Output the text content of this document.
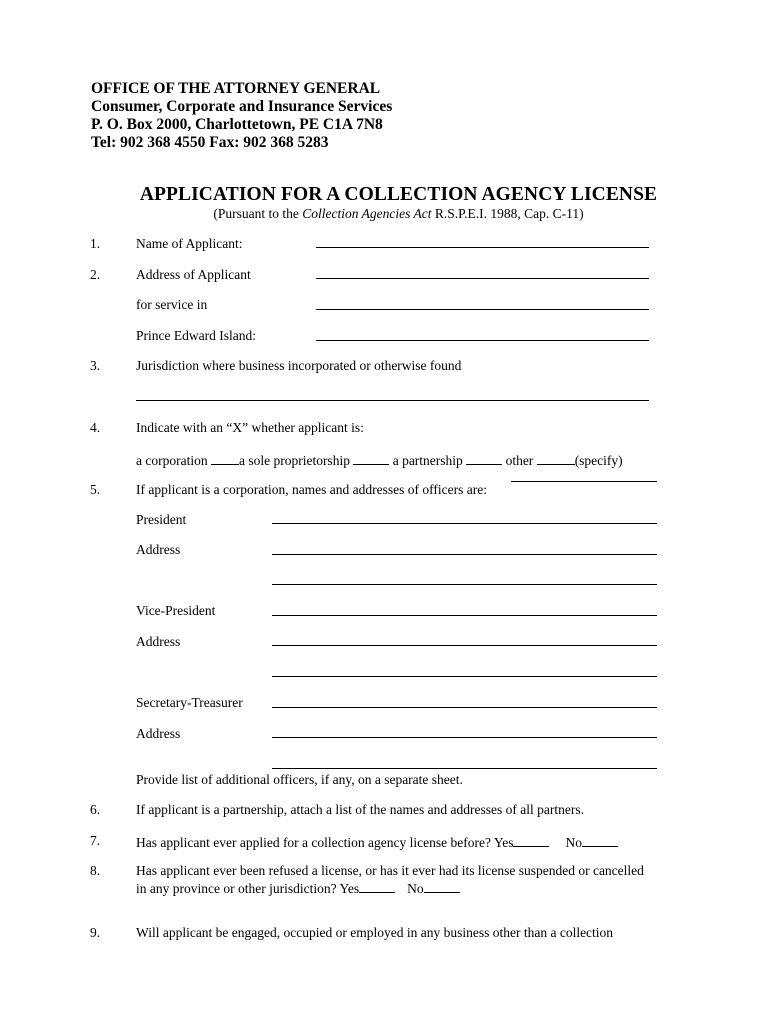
OFFICE OF THE ATTORNEY GENERAL
Consumer, Corporate and Insurance Services
P. O. Box 2000, Charlottetown, PE C1A 7N8
Tel: 902 368 4550 Fax: 902 368 5283
APPLICATION FOR A COLLECTION AGENCY LICENSE
(Pursuant to the Collection Agencies Act R.S.P.E.I. 1988, Cap. C-11)
1.	Name of Applicant:
2.	Address of Applicant
for service in
Prince Edward Island:
3.	Jurisdiction where business incorporated or otherwise found
4.	Indicate with an “X” whether applicant is:
a corporation a sole proprietorship	a partnership	other	(specify)
5.	If applicant is a corporation, names and addresses of officers are:
President
Address
Vice-President
Address
Secretary-Treasurer
Address
Provide list of additional officers, if any, on a separate sheet.
6.	If applicant is a partnership, attach a list of the names and addresses of all partners.
7.	Has applicant ever applied for a collection agency license before? Yes	No
8.	Has applicant ever been refused a license, or has it ever had its license suspended or cancelled
in any province or other jurisdiction? Yes	No
9.	Will applicant be engaged, occupied or employed in any business other than a collection
